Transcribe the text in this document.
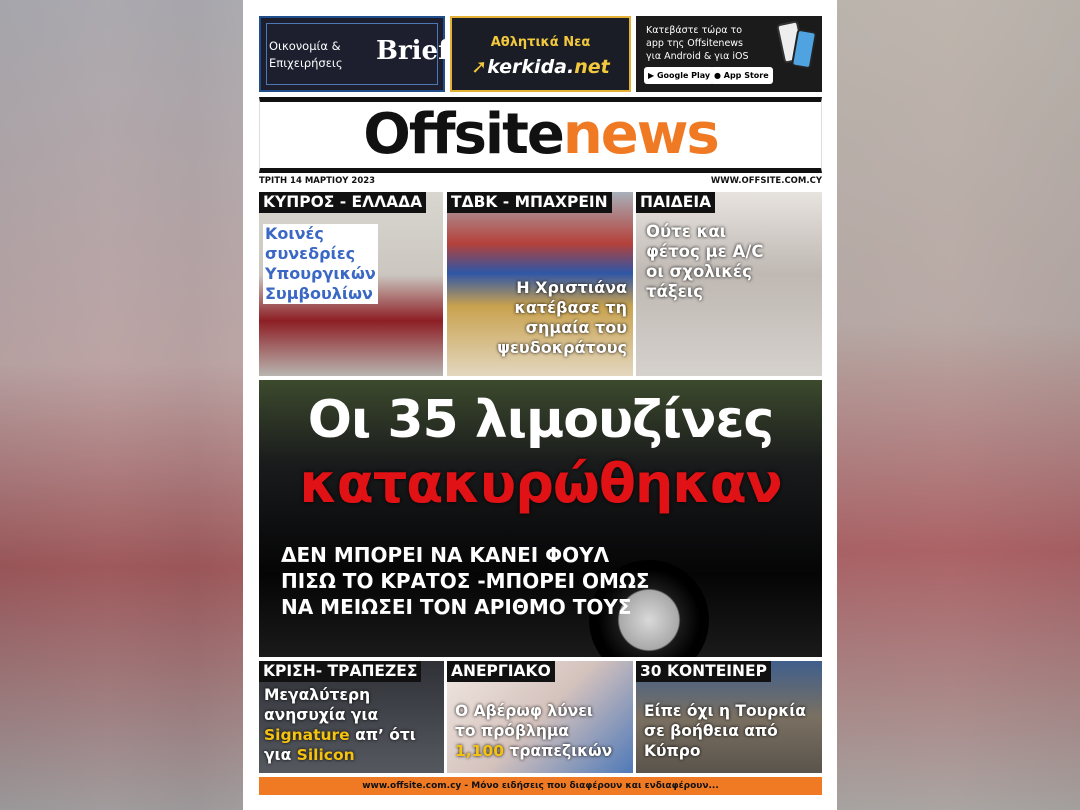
Οικονομία &
Επιχειρήσεις Brief	Αθλητικά Νεα
➚kerkida.net
Κατεβάστε τώρα το
app της Offsitenews
για Android & για iOS
▶ Google Play ● App Store
Offsitenews
ΤΡΙΤΗ 14 ΜΑΡΤΙΟΥ 2023	WWW.OFFSITE.COM.CY
ΚΥΠΡΟΣ - ΕΛΛΑΔΑ
Κοινές
συνεδρίες
Υπουργικών
Συμβουλίων
ΤΔΒΚ - ΜΠΑΧΡΕΙΝ
Η Χριστιάνα
κατέβασε τη
σημαία του
ψευδοκράτους
ΠΑΙΔΕΙΑ
Ούτε και
φέτος με A/C
οι σχολικές
τάξεις
Οι 35 λιμουζίνες
κατακυρώθηκαν
ΔΕΝ ΜΠΟΡΕΙ ΝΑ ΚΑΝΕΙ ΦΟΥΛ
ΠΙΣΩ ΤΟ ΚΡΑΤΟΣ -ΜΠΟΡΕΙ ΟΜΩΣ
ΝΑ ΜΕΙΩΣΕΙ ΤΟΝ ΑΡΙΘΜΟ ΤΟΥΣ
ΚΡΙΣΗ- ΤΡΑΠΕΖΕΣ
Μεγαλύτερη
ανησυχία για
Signature απ’ ότι
για Silicon
ΑΝΕΡΓΙΑΚΟ
Ο Αβέρωφ λύνει
το πρόβλημα
1,100 τραπεζικών
30 ΚΟΝΤΕΙΝΕΡ
Είπε όχι η Τουρκία
σε βοήθεια από
Κύπρο
www.offsite.com.cy - Μόνο ειδήσεις που διαφέρουν και ενδιαφέρουν...
